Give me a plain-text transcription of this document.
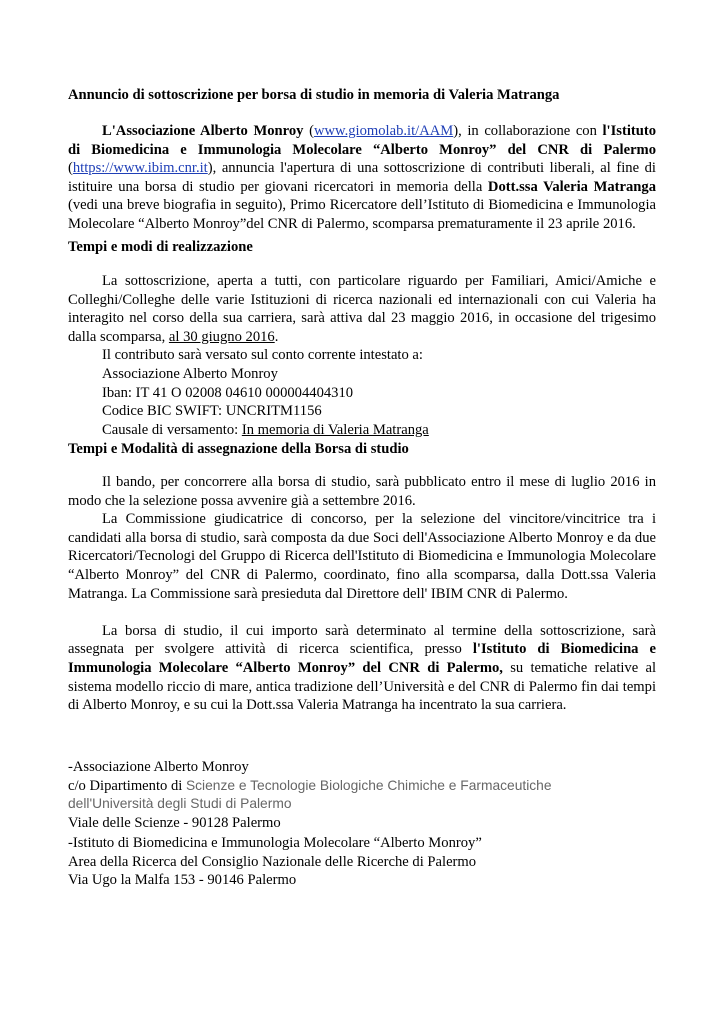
Annuncio di sottoscrizione per borsa di studio in memoria di Valeria Matranga

L'Associazione Alberto Monroy (www.giomolab.it/AAM), in collaborazione con l'Istituto di Biomedicina e Immunologia Molecolare “Alberto Monroy” del CNR di Palermo (https://www.ibim.cnr.it), annuncia l'apertura di una sottoscrizione di contributi liberali, al fine di istituire una borsa di studio per giovani ricercatori in memoria della Dott.ssa Valeria Matranga (vedi una breve biografia in seguito), Primo Ricercatore dell’Istituto di Biomedicina e Immunologia Molecolare “Alberto Monroy”del CNR di Palermo, scomparsa prematuramente il 23 aprile 2016.

Tempi e modi di realizzazione

La sottoscrizione, aperta a tutti, con particolare riguardo per Familiari, Amici/Amiche e Colleghi/Colleghe delle varie Istituzioni di ricerca nazionali ed internazionali con cui Valeria ha interagito nel corso della sua carriera, sarà attiva dal 23 maggio 2016, in occasione del trigesimo dalla scomparsa, al 30 giugno 2016.

Il contributo sarà versato sul conto corrente intestato a:
Associazione Alberto Monroy
Iban: IT 41 O 02008 04610 000004404310
Codice BIC SWIFT: UNCRITM1156
Causale di versamento: In memoria di Valeria Matranga

Tempi e Modalità di assegnazione della Borsa di studio

Il bando, per concorrere alla borsa di studio, sarà pubblicato entro il mese di luglio 2016 in modo che la selezione possa avvenire già a settembre 2016.

La Commissione giudicatrice di concorso, per la selezione del vincitore/vincitrice tra i candidati alla borsa di studio, sarà composta da due Soci dell'Associazione Alberto Monroy e da due Ricercatori/Tecnologi del Gruppo di Ricerca dell'Istituto di Biomedicina e Immunologia Molecolare “Alberto Monroy” del CNR di Palermo, coordinato, fino alla scomparsa, dalla Dott.ssa Valeria Matranga. La Commissione sarà presieduta dal Direttore dell' IBIM CNR di Palermo.

La borsa di studio, il cui importo sarà determinato al termine della sottoscrizione, sarà assegnata per svolgere attività di ricerca scientifica, presso l'Istituto di Biomedicina e Immunologia Molecolare “Alberto Monroy” del CNR di Palermo, su tematiche relative al sistema modello riccio di mare, antica tradizione dell’Università e del CNR di Palermo fin dai tempi di Alberto Monroy, e su cui la Dott.ssa Valeria Matranga ha incentrato la sua carriera.

-Associazione Alberto Monroy
c/o Dipartimento di Scienze e Tecnologie Biologiche Chimiche e Farmaceutiche
dell'Università degli Studi di Palermo
Viale delle Scienze - 90128 Palermo
-Istituto di Biomedicina e Immunologia Molecolare “Alberto Monroy”
Area della Ricerca del Consiglio Nazionale delle Ricerche di Palermo
Via Ugo la Malfa 153 - 90146 Palermo
